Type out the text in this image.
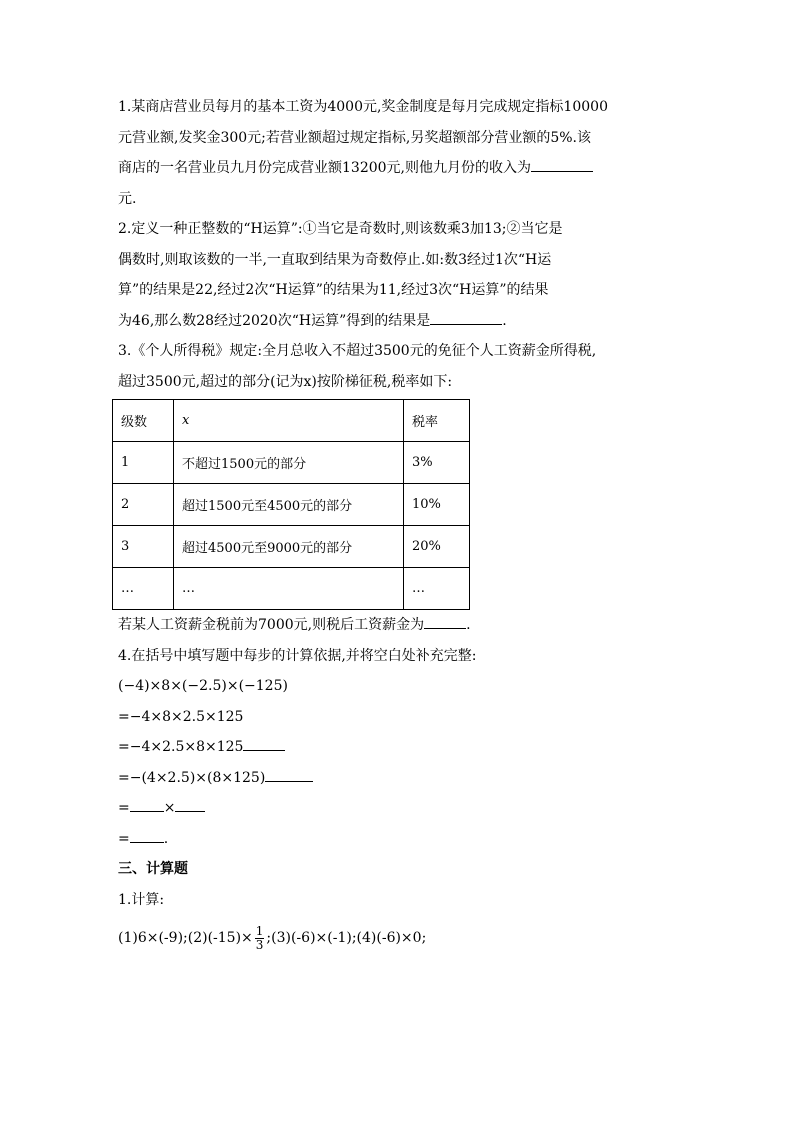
1.某商店营业员每月的基本工资为4000元,奖金制度是每月完成规定指标10000
元营业额,发奖金300元;若营业额超过规定指标,另奖超额部分营业额的5%.该
商店的一名营业员九月份完成营业额13200元,则他九月份的收入为
元.
2.定义一种正整数的“H运算”:①当它是奇数时,则该数乘3加13;②当它是
偶数时,则取该数的一半,一直取到结果为奇数停止.如:数3经过1次“H运
算”的结果是22,经过2次“H运算”的结果为11,经过3次“H运算”的结果
为46,那么数28经过2020次“H运算”得到的结果是	.
3.《个人所得税》规定:全月总收入不超过3500元的免征个人工资薪金所得税,
超过3500元,超过的部分(记为x)按阶梯征税,税率如下:
级数	x	税率
1	不超过1500元的部分	3%
2	超过1500元至4500元的部分	10%
3	超过4500元至9000元的部分	20%
…	…	…
若某人工资薪金税前为7000元,则税后工资薪金为	.
4.在括号中填写题中每步的计算依据,并将空白处补充完整:
(−4)×8×(−2.5)×(−125)
=−4×8×2.5×125
=−4×2.5×8×125
=−(4×2.5)×(8×125)
= ×
= .
三、计算题
1.计算:
(1)6×(-9);(2)(-15)× $\frac{1}{3}$ ;(3)(-6)×(-1);(4)(-6)×0;
